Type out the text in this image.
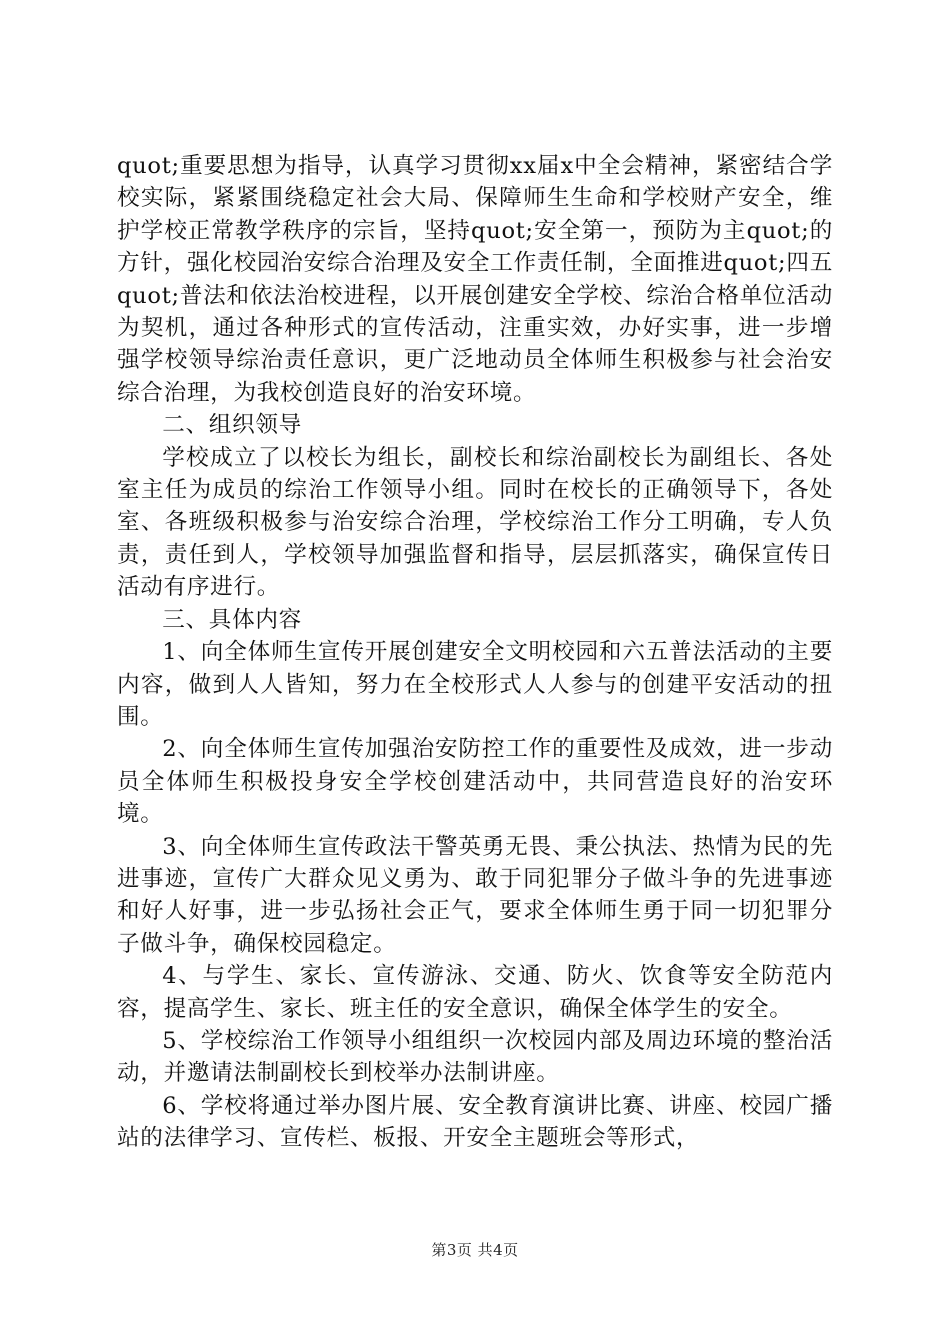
quot;重要思想为指导，认真学习贯彻xx届x中全会精神，紧密结合学校实际，紧紧围绕稳定社会大局、保障师生生命和学校财产安全，维护学校正常教学秩序的宗旨，坚持quot;安全第一，预防为主quot;的方针，强化校园治安综合治理及安全工作责任制，全面推进quot;四五quot;普法和依法治校进程，以开展创建安全学校、综治合格单位活动为契机，通过各种形式的宣传活动，注重实效，办好实事，进一步增强学校领导综治责任意识，更广泛地动员全体师生积极参与社会治安综合治理，为我校创造良好的治安环境。

二、组织领导

学校成立了以校长为组长，副校长和综治副校长为副组长、各处室主任为成员的综治工作领导小组。同时在校长的正确领导下，各处室、各班级积极参与治安综合治理，学校综治工作分工明确，专人负责，责任到人，学校领导加强监督和指导，层层抓落实，确保宣传日活动有序进行。

三、具体内容

1、向全体师生宣传开展创建安全文明校园和六五普法活动的主要内容，做到人人皆知，努力在全校形式人人参与的创建平安活动的扭围。

2、向全体师生宣传加强治安防控工作的重要性及成效，进一步动员全体师生积极投身安全学校创建活动中，共同营造良好的治安环境。

3、向全体师生宣传政法干警英勇无畏、秉公执法、热情为民的先进事迹，宣传广大群众见义勇为、敢于同犯罪分子做斗争的先进事迹和好人好事，进一步弘扬社会正气，要求全体师生勇于同一切犯罪分子做斗争，确保校园稳定。

4、与学生、家长、宣传游泳、交通、防火、饮食等安全防范内容，提高学生、家长、班主任的安全意识，确保全体学生的安全。

5、学校综治工作领导小组组织一次校园内部及周边环境的整治活动，并邀请法制副校长到校举办法制讲座。

6、学校将通过举办图片展、安全教育演讲比赛、讲座、校园广播站的法律学习、宣传栏、板报、开安全主题班会等形式，

第3页 共4页
